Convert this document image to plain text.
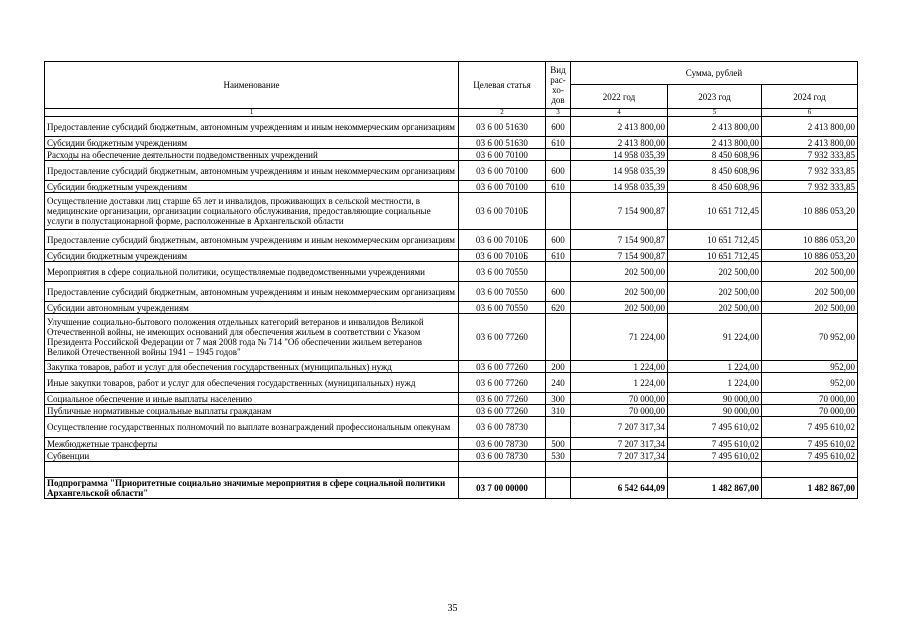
Наименование	Целевая статья	Вид рас-хо-дов	Сумма, рублей		
			2022 год	2023 год	2024 год
1	2	3	4	5	6
Предоставление субсидий бюджетным, автономным учреждениям и иным некоммерческим организациям	03 6 00 51630	600	2 413 800,00	2 413 800,00	2 413 800,00
Субсидии бюджетным учреждениям	03 6 00 51630	610	2 413 800,00	2 413 800,00	2 413 800,00
Расходы на обеспечение деятельности подведомственных учреждений	03 6 00 70100		14 958 035,39	8 450 608,96	7 932 333,85
Предоставление субсидий бюджетным, автономным учреждениям и иным некоммерческим организациям	03 6 00 70100	600	14 958 035,39	8 450 608,96	7 932 333,85
Субсидии бюджетным учреждениям	03 6 00 70100	610	14 958 035,39	8 450 608,96	7 932 333,85
Осуществление доставки лиц старше 65 лет и инвалидов, проживающих в сельской местности, в медицинские организации, организации социального обслуживания, предоставляющие социальные услуги в полустационарной форме, расположенные в Архангельской области	03 6 00 7010Б		7 154 900,87	10 651 712,45	10 886 053,20
Предоставление субсидий бюджетным, автономным учреждениям и иным некоммерческим организациям	03 6 00 7010Б	600	7 154 900,87	10 651 712,45	10 886 053,20
Субсидии бюджетным учреждениям	03 6 00 7010Б	610	7 154 900,87	10 651 712,45	10 886 053,20
Мероприятия в сфере социальной политики, осуществляемые подведомственными учреждениями	03 6 00 70550		202 500,00	202 500,00	202 500,00
Предоставление субсидий бюджетным, автономным учреждениям и иным некоммерческим организациям	03 6 00 70550	600	202 500,00	202 500,00	202 500,00
Субсидии автономным учреждениям	03 6 00 70550	620	202 500,00	202 500,00	202 500,00
Улучшение социально-бытового положения отдельных категорий ветеранов и инвалидов Великой Отечественной войны, не имеющих оснований для обеспечения жильем в соответствии с Указом Президента Российской Федерации от 7 мая 2008 года № 714 "Об обеспечении жильем ветеранов Великой Отечественной войны 1941 – 1945 годов"	03 6 00 77260		71 224,00	91 224,00	70 952,00
Закупка товаров, работ и услуг для обеспечения государственных (муниципальных) нужд	03 6 00 77260	200	1 224,00	1 224,00	952,00
Иные закупки товаров, работ и услуг для обеспечения государственных (муниципальных) нужд	03 6 00 77260	240	1 224,00	1 224,00	952,00
Социальное обеспечение и иные выплаты населению	03 6 00 77260	300	70 000,00	90 000,00	70 000,00
Публичные нормативные социальные выплаты гражданам	03 6 00 77260	310	70 000,00	90 000,00	70 000,00
Осуществление государственных полномочий по выплате вознаграждений профессиональным опекунам	03 6 00 78730		7 207 317,34	7 495 610,02	7 495 610,02
Межбюджетные трансферты	03 6 00 78730	500	7 207 317,34	7 495 610,02	7 495 610,02
Субвенции	03 6 00 78730	530	7 207 317,34	7 495 610,02	7 495 610,02

Подпрограмма "Приоритетные социально значимые мероприятия в сфере социальной политики Архангельской области"	03 7 00 00000		6 542 644,09	1 482 867,00	1 482 867,00
35
